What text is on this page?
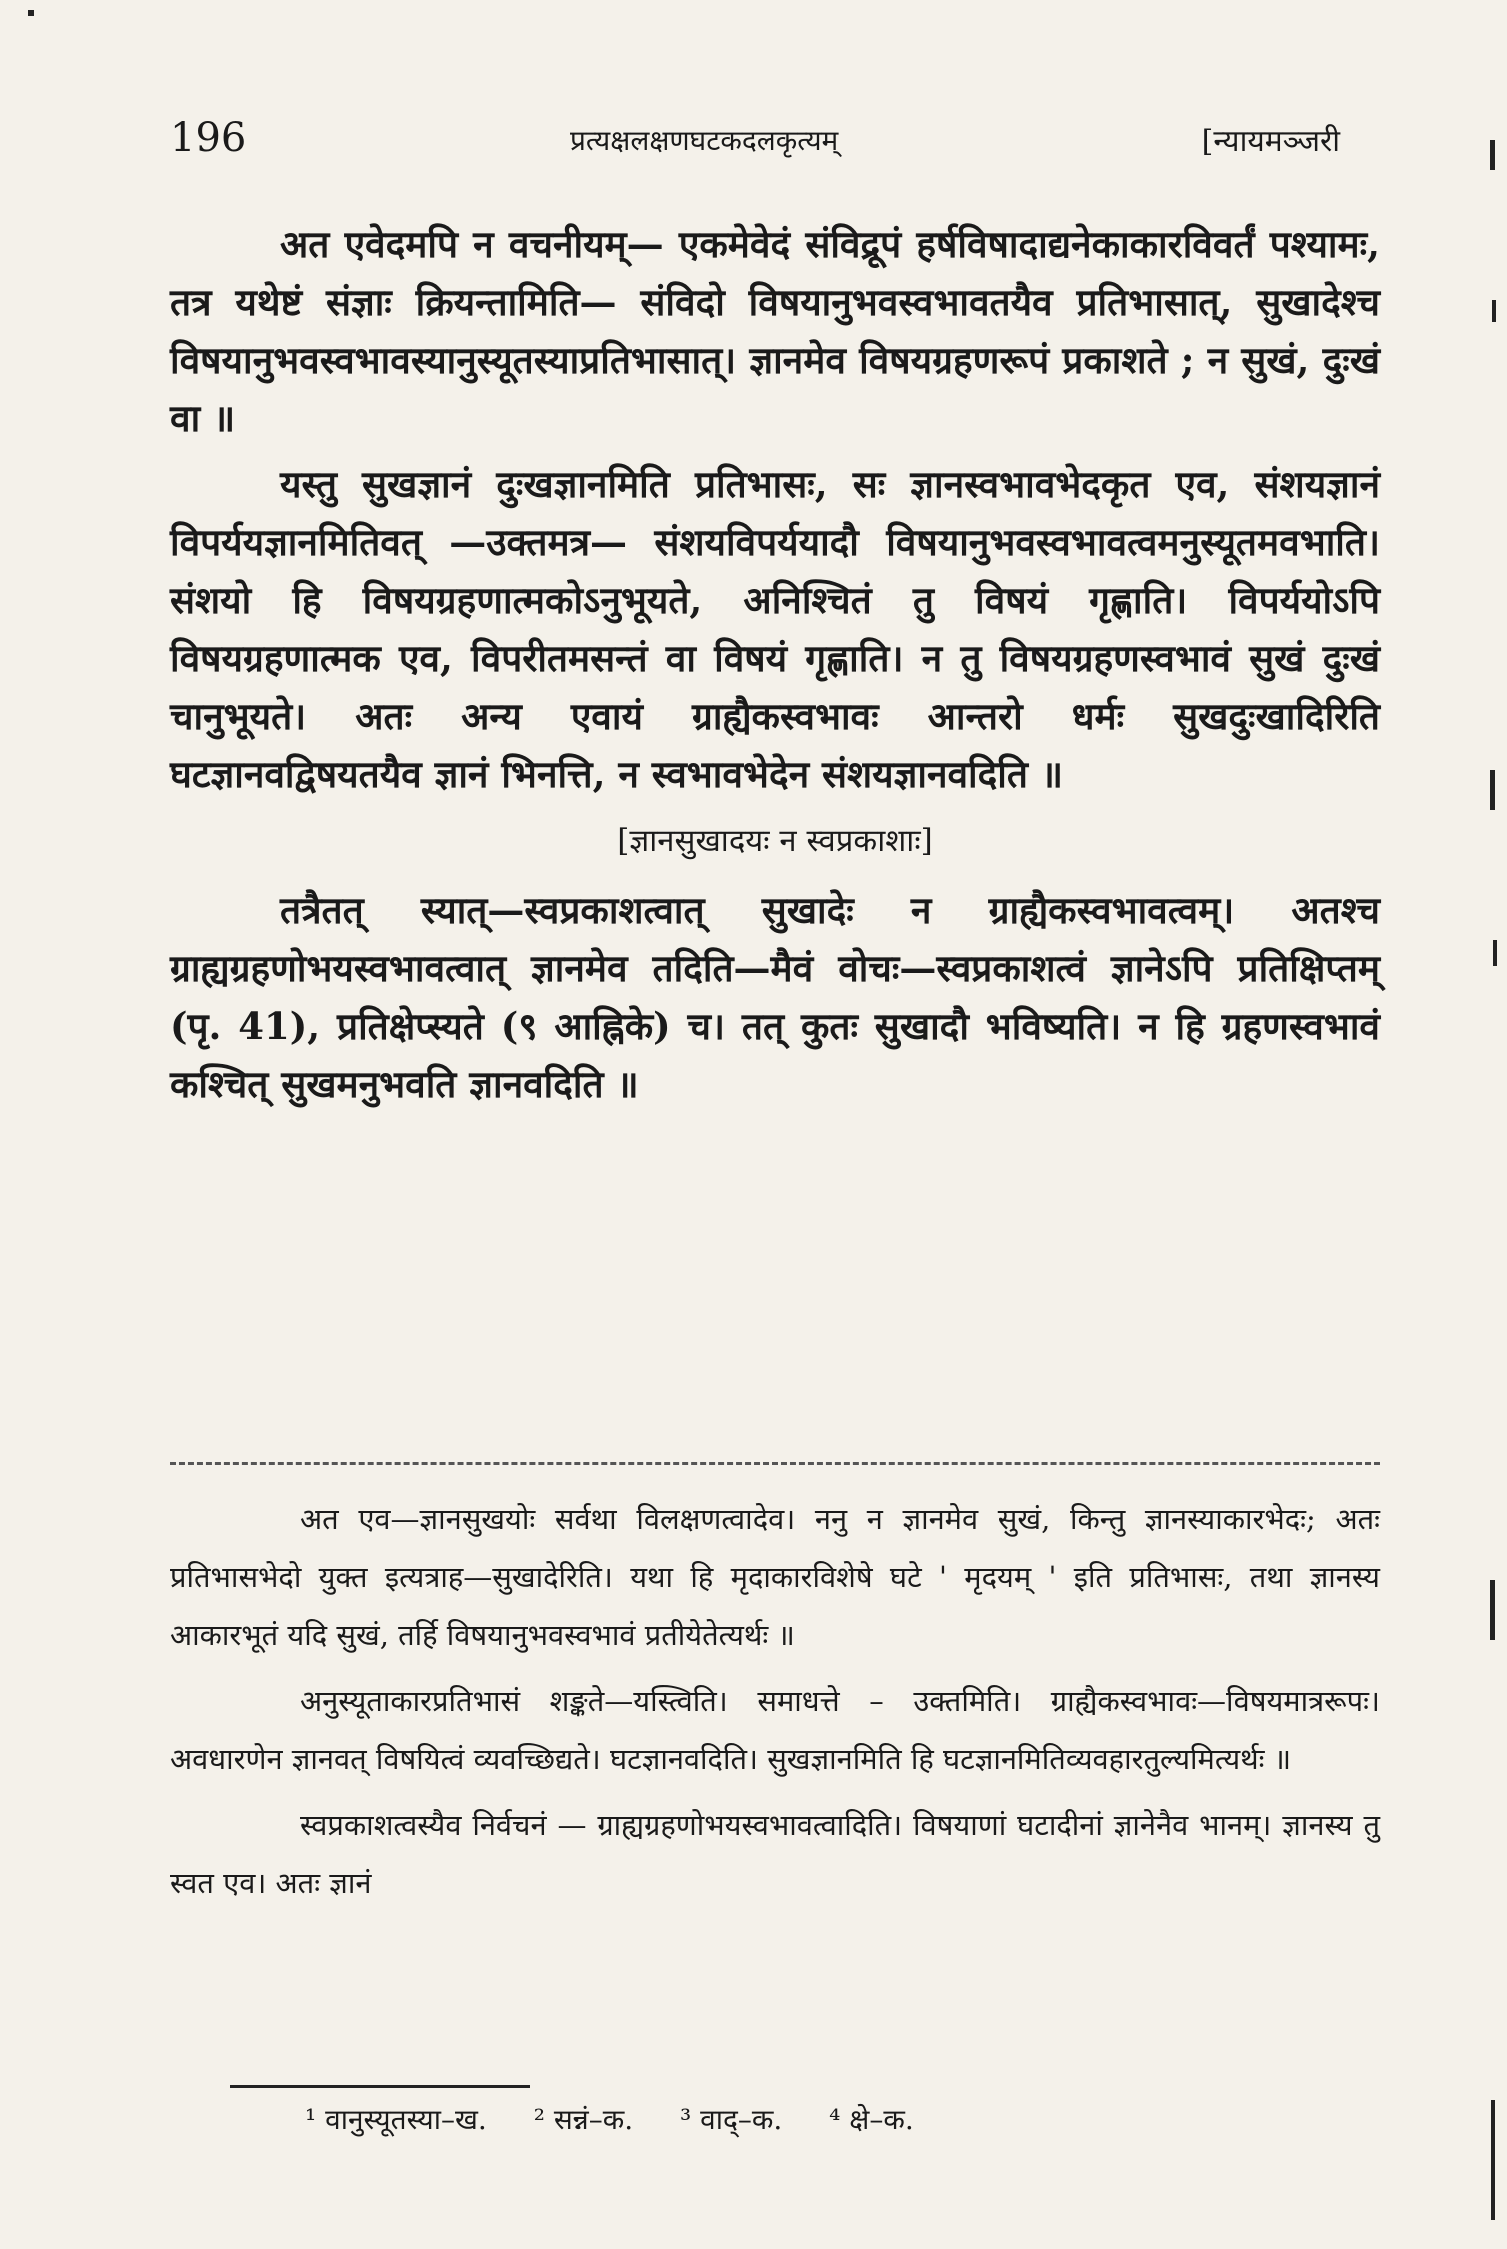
196	प्रत्यक्षलक्षणघटकदलकृत्यम्	[न्यायमञ्जरी

अत एवेदमपि न वचनीयम्— एकमेवेदं संविद्रूपं हर्षविषादाद्यनेकाकारविवर्तं पश्यामः, तत्र यथेष्टं संज्ञाः क्रियन्तामिति— संविदो विषयानुभवस्वभावतयैव प्रतिभासात्, सुखादेश्च विषयानुभवस्वभावस्यानुस्यूतस्याप्रतिभासात्। ज्ञानमेव विषयग्रहणरूपं प्रकाशते ; न सुखं, दुःखं वा ॥

यस्तु सुखज्ञानं दुःखज्ञानमिति प्रतिभासः, सः ज्ञानस्वभावभेदकृत एव, संशयज्ञानं विपर्ययज्ञानमितिवत् —उक्तमत्र— संशयविपर्ययादौ विषयानुभवस्वभावत्वमनुस्यूतमवभाति। संशयो हि विषयग्रहणात्मकोऽनुभूयते, अनिश्चितं तु विषयं गृह्णाति। विपर्ययोऽपि विषयग्रहणात्मक एव, विपरीतमसन्तं वा विषयं गृह्णाति। न तु विषयग्रहणस्वभावं सुखं दुःखं चानुभूयते। अतः अन्य एवायं ग्राह्यैकस्वभावः आन्तरो धर्मः सुखदुःखादिरिति घटज्ञानवद्विषयतयैव ज्ञानं भिनत्ति, न स्वभावभेदेन संशयज्ञानवदिति ॥

[ज्ञानसुखादयः न स्वप्रकाशाः]

तत्रैतत् स्यात्—स्वप्रकाशत्वात् सुखादेः न ग्राह्यैकस्वभावत्वम्। अतश्च ग्राह्यग्रहणोभयस्वभावत्वात् ज्ञानमेव तदिति—मैवं वोचः—स्वप्रकाशत्वं ज्ञानेऽपि प्रतिक्षिप्तम् (पृ. 41), प्रतिक्षेप्स्यते (९ आह्निके) च। तत् कुतः सुखादौ भविष्यति। न हि ग्रहणस्वभावं कश्चित् सुखमनुभवति ज्ञानवदिति ॥

अत एव—ज्ञानसुखयोः सर्वथा विलक्षणत्वादेव। ननु न ज्ञानमेव सुखं, किन्तु ज्ञानस्याकारभेदः; अतः प्रतिभासभेदो युक्त इत्यत्राह—सुखादेरिति। यथा हि मृदाकारविशेषे घटे ' मृदयम् ' इति प्रतिभासः, तथा ज्ञानस्य आकारभूतं यदि सुखं, तर्हि विषयानुभवस्वभावं प्रतीयेतेत्यर्थः ॥

अनुस्यूताकारप्रतिभासं शङ्कते—यस्त्विति। समाधत्ते – उक्तमिति। ग्राह्यैकस्वभावः—विषयमात्ररूपः। अवधारणेन ज्ञानवत् विषयित्वं व्यवच्छिद्यते। घटज्ञानवदिति। सुखज्ञानमिति हि घटज्ञानमितिव्यवहारतुल्यमित्यर्थः ॥

स्वप्रकाशत्वस्यैव निर्वचनं — ग्राह्यग्रहणोभयस्वभावत्वादिति। विषयाणां घटादीनां ज्ञानेनैव भानम्। ज्ञानस्य तु स्वत एव। अतः ज्ञानं

¹ वानुस्यूतस्या–ख. ² सन्नं–क. ³ वाद्–क. ⁴ क्षे–क.
